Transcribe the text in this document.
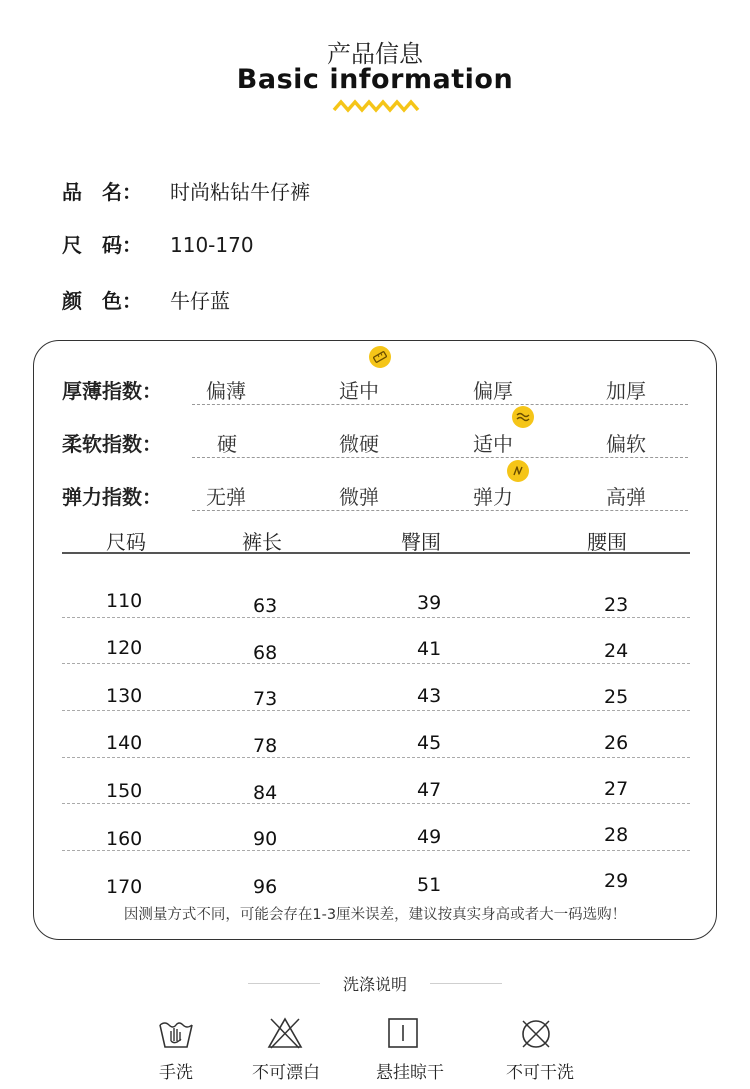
产品信息
Basic information
品　名： 时尚粘钻牛仔裤
尺　码： 110-170
颜　色： 牛仔蓝
厚薄指数： 偏薄	适中	偏厚	加厚
柔软指数：	硬	微硬	适中	偏软
弹力指数： 无弹	微弹	弹力	高弹
尺码	裤长	臀围	腰围
110	63	39	23
120	68	41	24
130	73	43	25
140	78	45	26
150	84	47	27
160	90	49	28
170	96	51	29
因测量方式不同，可能会存在1-3厘米误差，建议按真实身高或者大一码选购！
洗涤说明
手洗	不可漂白	悬挂晾干	不可干洗
